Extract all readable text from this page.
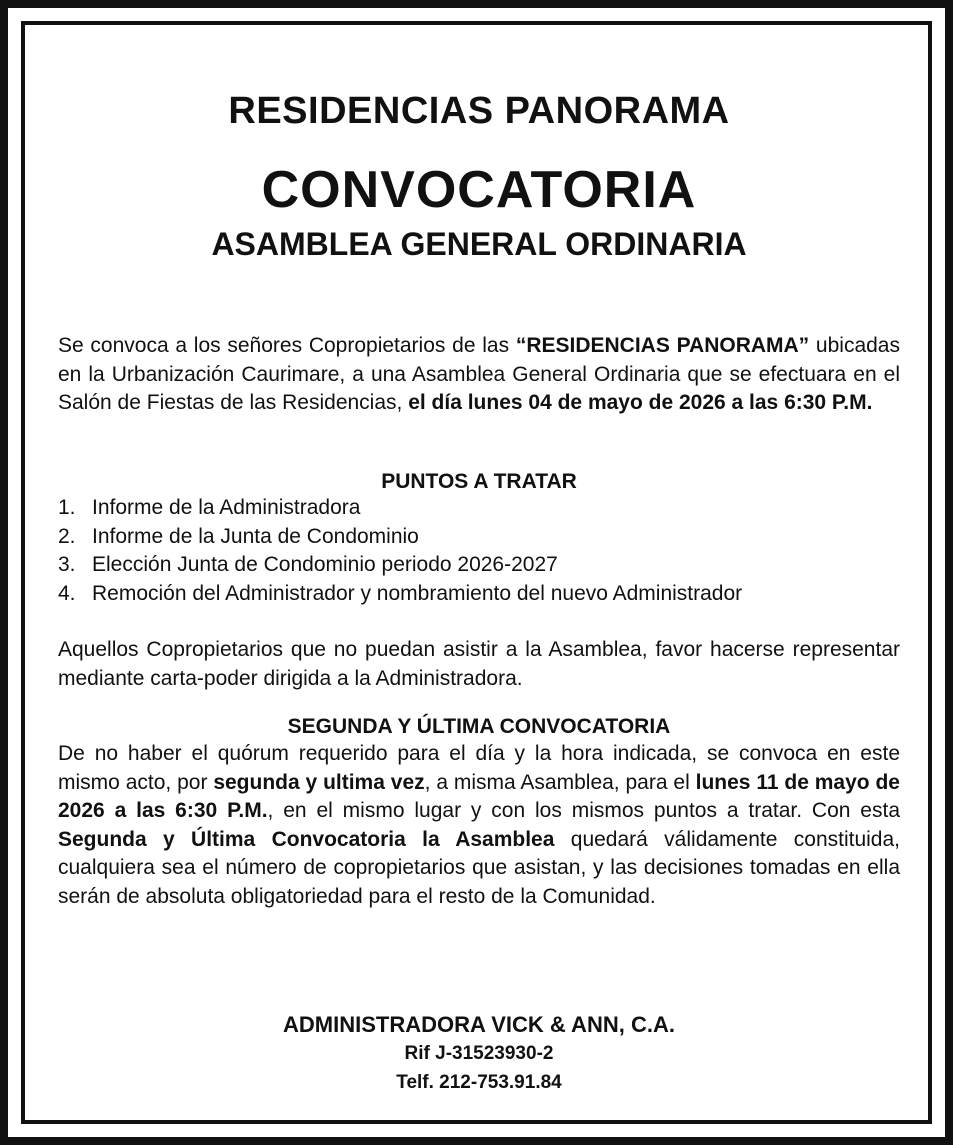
RESIDENCIAS PANORAMA

CONVOCATORIA

ASAMBLEA GENERAL ORDINARIA

Se convoca a los señores Copropietarios de las “RESIDENCIAS PANORAMA” ubicadas en la Urbanización Caurimare, a una Asamblea General Ordinaria que se efectuara en el Salón de Fiestas de las Residencias, el día lunes 04 de mayo de 2026 a las 6:30 P.M.

PUNTOS A TRATAR

1. Informe de la Administradora
2. Informe de la Junta de Condominio
3. Elección Junta de Condominio periodo 2026-2027
4. Remoción del Administrador y nombramiento del nuevo Administrador

Aquellos Copropietarios que no puedan asistir a la Asamblea, favor hacerse representar mediante carta-poder dirigida a la Administradora.

SEGUNDA Y ÚLTIMA CONVOCATORIA

De no haber el quórum requerido para el día y la hora indicada, se convoca en este mismo acto, por segunda y ultima vez, a misma Asamblea, para el lunes 11 de mayo de 2026 a las 6:30 P.M., en el mismo lugar y con los mismos puntos a tratar. Con esta Segunda y Última Convocatoria la Asamblea quedará válidamente constituida, cualquiera sea el número de copropietarios que asistan, y las decisiones tomadas en ella serán de absoluta obligatoriedad para el resto de la Comunidad.

ADMINISTRADORA VICK & ANN, C.A.

Rif J-31523930-2

Telf. 212-753.91.84
